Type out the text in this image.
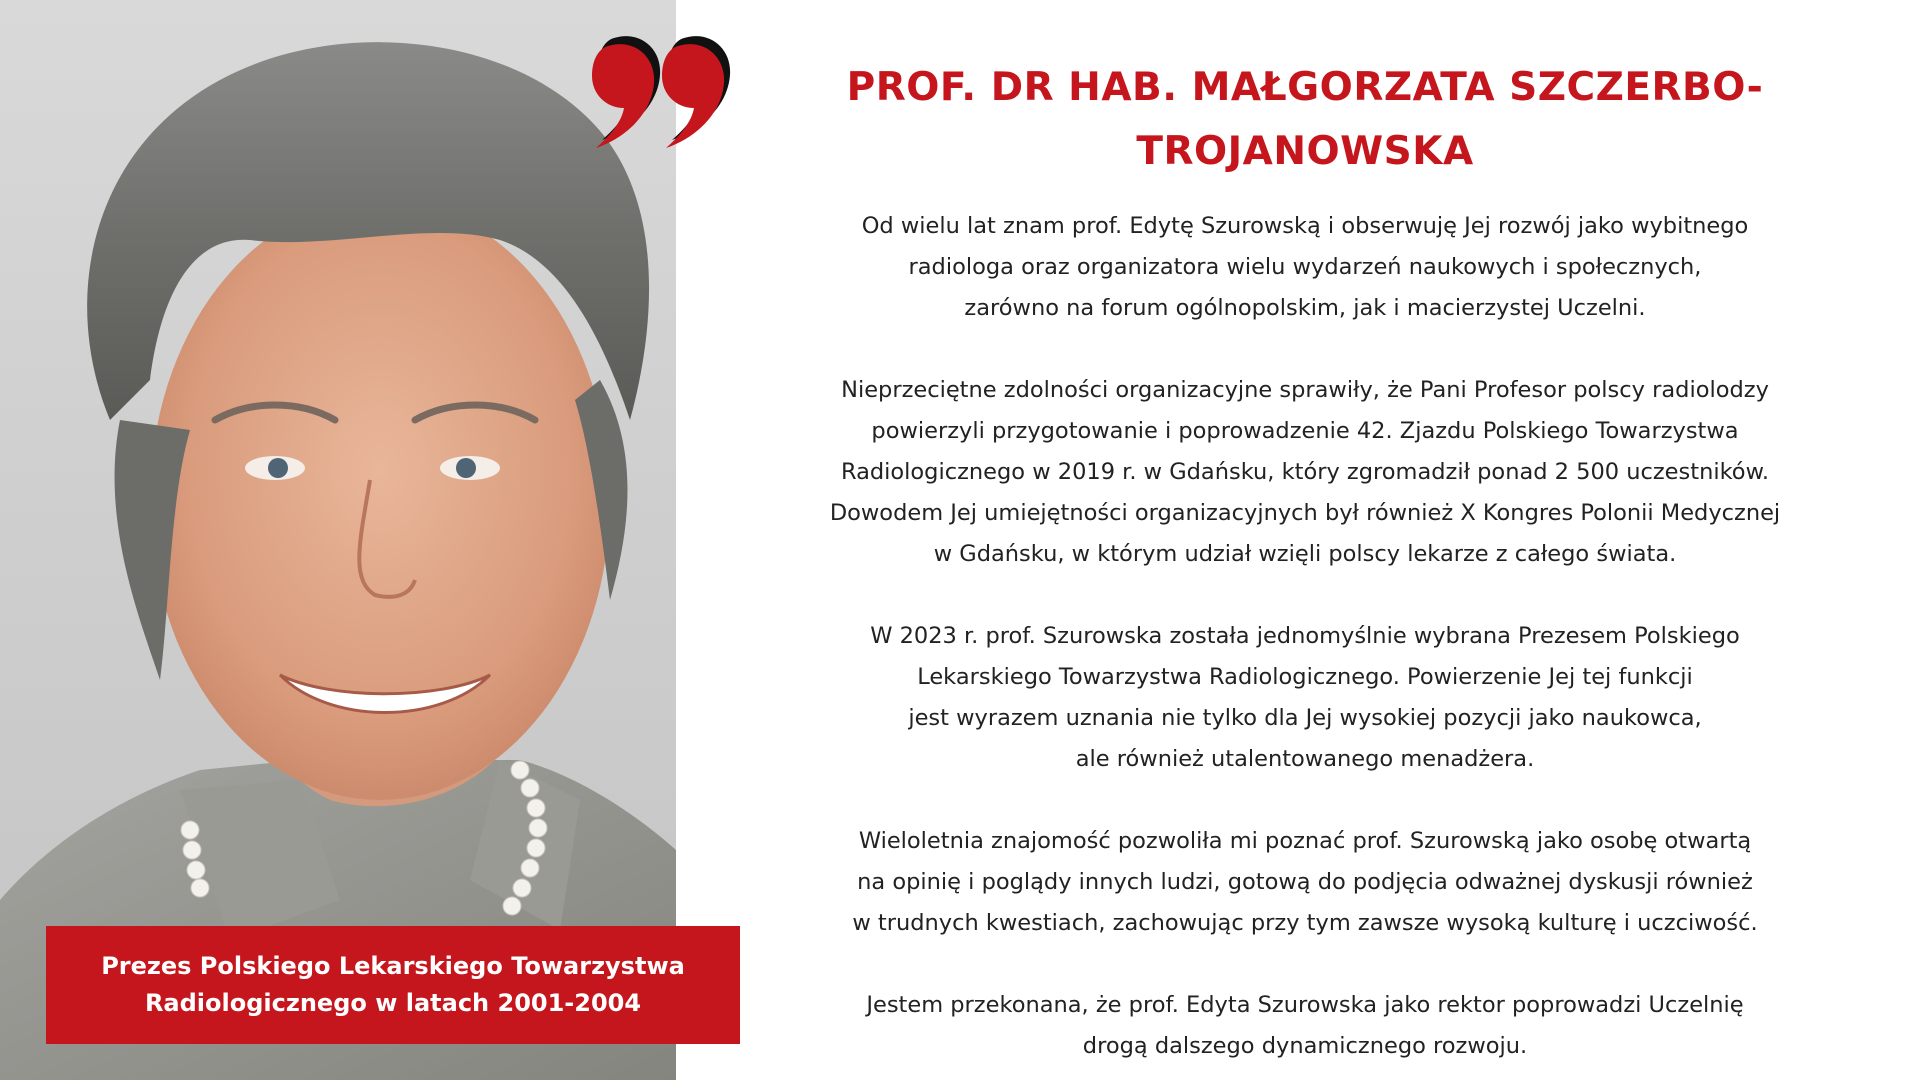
Prezes Polskiego Lekarskiego Towarzystwa
Radiologicznego w latach 2001-2004
PROF. DR HAB. MAŁGORZATA SZCZERBO-
TROJANOWSKA
Od wielu lat znam prof. Edytę Szurowską i obserwuję Jej rozwój jako wybitnego
radiologa oraz organizatora wielu wydarzeń naukowych i społecznych,
zarówno na forum ogólnopolskim, jak i macierzystej Uczelni.
Nieprzeciętne zdolności organizacyjne sprawiły, że Pani Profesor polscy radiolodzy
powierzyli przygotowanie i poprowadzenie 42. Zjazdu Polskiego Towarzystwa
Radiologicznego w 2019 r. w Gdańsku, który zgromadził ponad 2 500 uczestników.
Dowodem Jej umiejętności organizacyjnych był również X Kongres Polonii Medycznej
w Gdańsku, w którym udział wzięli polscy lekarze z całego świata.
W 2023 r. prof. Szurowska została jednomyślnie wybrana Prezesem Polskiego
Lekarskiego Towarzystwa Radiologicznego. Powierzenie Jej tej funkcji
jest wyrazem uznania nie tylko dla Jej wysokiej pozycji jako naukowca,
ale również utalentowanego menadżera.
Wieloletnia znajomość pozwoliła mi poznać prof. Szurowską jako osobę otwartą
na opinię i poglądy innych ludzi, gotową do podjęcia odważnej dyskusji również
w trudnych kwestiach, zachowując przy tym zawsze wysoką kulturę i uczciwość.
Jestem przekonana, że prof. Edyta Szurowska jako rektor poprowadzi Uczelnię
drogą dalszego dynamicznego rozwoju.
